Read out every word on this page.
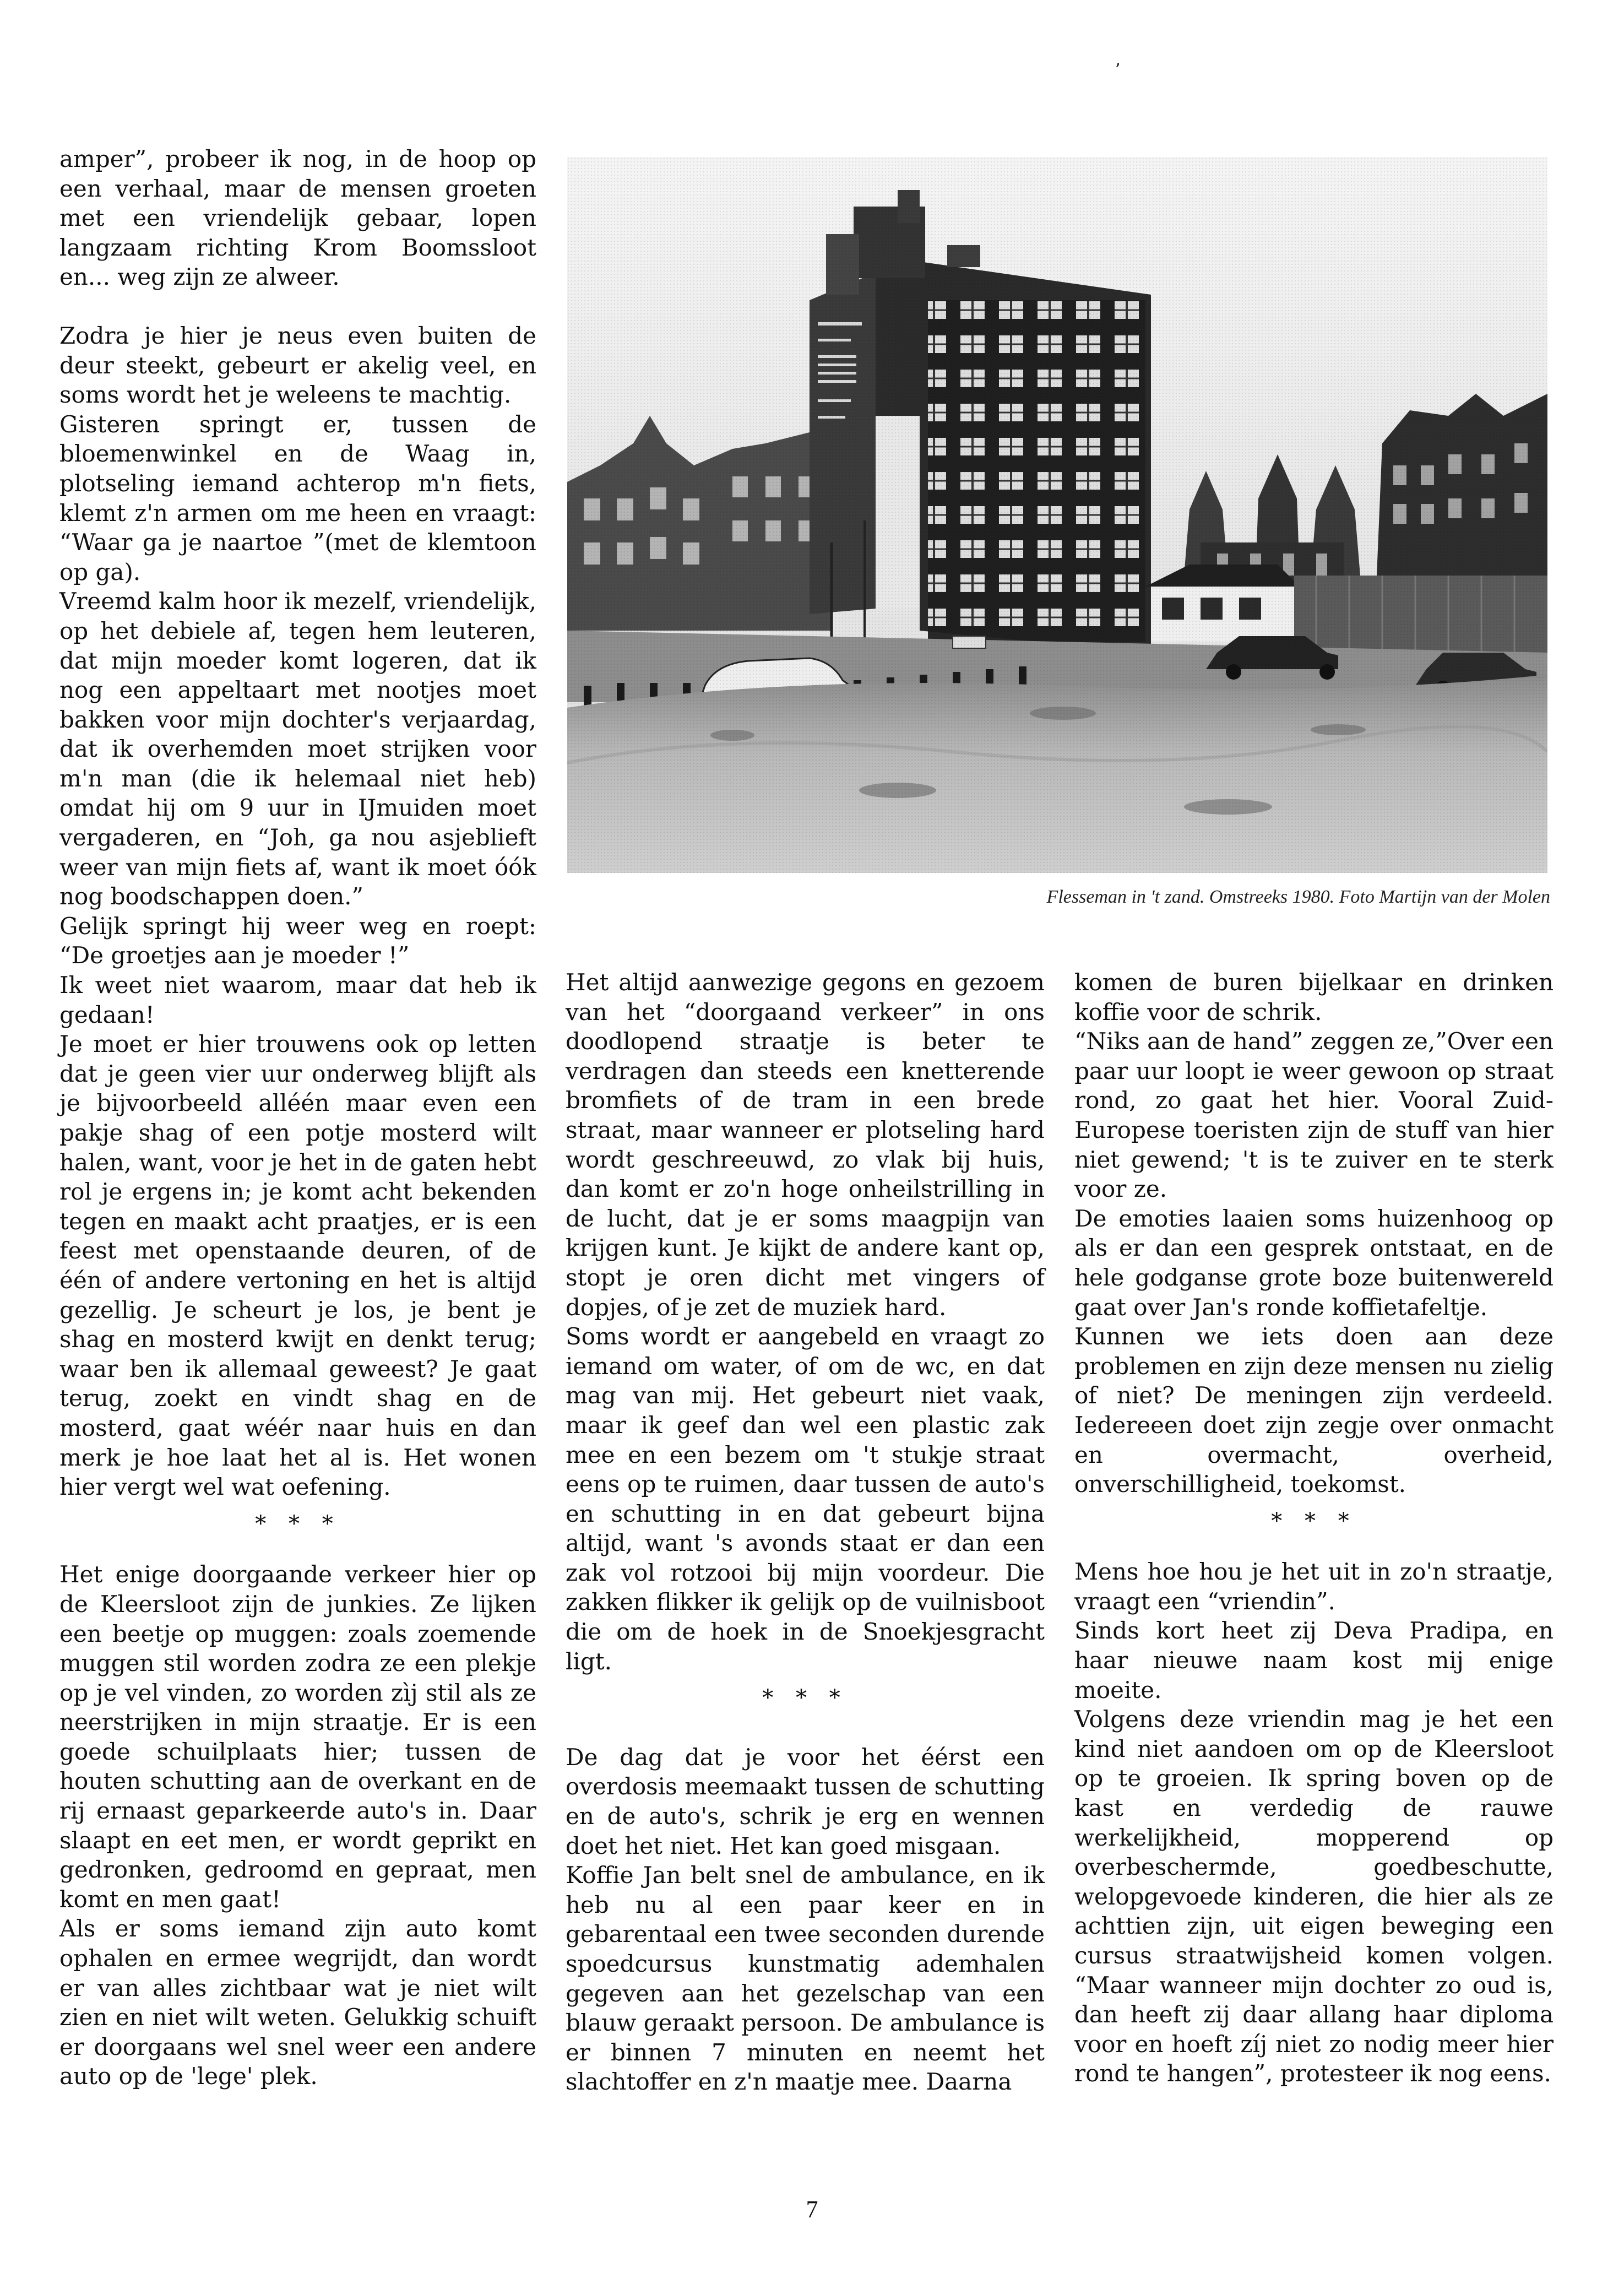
ʼ

amper”, probeer ik nog, in de hoop op een verhaal, maar de mensen groeten met een vriendelijk gebaar, lopen langzaam richting Krom Boomssloot en... weg zijn ze alweer.

Zodra je hier je neus even buiten de deur steekt, gebeurt er akelig veel, en soms wordt het je weleens te machtig.

Gisteren springt er, tussen de bloemenwinkel en de Waag in, plotseling iemand achterop m'n fiets, klemt z'n armen om me heen en vraagt: “Waar ga je naartoe ”(met de klemtoon op ga).

Vreemd kalm hoor ik mezelf, vriendelijk, op het debiele af, tegen hem leuteren, dat mijn moeder komt logeren, dat ik nog een appeltaart met nootjes moet bakken voor mijn dochter's verjaardag, dat ik overhemden moet strijken voor m'n man (die ik helemaal niet heb) omdat hij om 9 uur in IJmuiden moet vergaderen, en “Joh, ga nou asjeblieft weer van mijn fiets af, want ik moet óók nog boodschappen doen.”

Gelijk springt hij weer weg en roept: “De groetjes aan je moeder !”

Ik weet niet waarom, maar dat heb ik gedaan!

Je moet er hier trouwens ook op letten dat je geen vier uur onderweg blijft als je bijvoorbeeld alléén maar even een pakje shag of een potje mosterd wilt halen, want, voor je het in de gaten hebt rol je ergens in; je komt acht bekenden tegen en maakt acht praatjes, er is een feest met openstaande deuren, of de één of andere vertoning en het is altijd gezellig. Je scheurt je los, je bent je shag en mosterd kwijt en denkt terug; waar ben ik allemaal geweest? Je gaat terug, zoekt en vindt shag en de mosterd, gaat wéér naar huis en dan merk je hoe laat het al is. Het wonen hier vergt wel wat oefening.

* * *

Het enige doorgaande verkeer hier op de Kleersloot zijn de junkies. Ze lijken een beetje op muggen: zoals zoemende muggen stil worden zodra ze een plekje op je vel vinden, zo worden zìj stil als ze neerstrijken in mijn straatje. Er is een goede schuilplaats hier; tussen de houten schutting aan de overkant en de rij ernaast geparkeerde auto's in. Daar slaapt en eet men, er wordt geprikt en gedronken, gedroomd en gepraat, men komt en men gaat!

Als er soms iemand zijn auto komt ophalen en ermee wegrijdt, dan wordt er van alles zichtbaar wat je niet wilt zien en niet wilt weten. Gelukkig schuift er doorgaans wel snel weer een andere auto op de 'lege' plek.

Flesseman in 't zand. Omstreeks 1980. Foto Martijn van der Molen

Het altijd aanwezige gegons en gezoem van het “doorgaand verkeer” in ons doodlopend straatje is beter te verdragen dan steeds een knetterende bromfiets of de tram in een brede straat, maar wanneer er plotseling hard wordt geschreeuwd, zo vlak bij huis, dan komt er zo'n hoge onheilstrilling in de lucht, dat je er soms maagpijn van krijgen kunt. Je kijkt de andere kant op, stopt je oren dicht met vingers of dopjes, of je zet de muziek hard.

Soms wordt er aangebeld en vraagt zo iemand om water, of om de wc, en dat mag van mij. Het gebeurt niet vaak, maar ik geef dan wel een plastic zak mee en een bezem om 't stukje straat eens op te ruimen, daar tussen de auto's en schutting in en dat gebeurt bijna altijd, want 's avonds staat er dan een zak vol rotzooi bij mijn voordeur. Die zakken flikker ik gelijk op de vuilnisboot die om de hoek in de Snoekjesgracht ligt.

* * *

De dag dat je voor het éérst een overdosis meemaakt tussen de schutting en de auto's, schrik je erg en wennen doet het niet. Het kan goed misgaan.

Koffie Jan belt snel de ambulance, en ik heb nu al een paar keer en in gebarentaal een twee seconden durende spoedcursus kunstmatig ademhalen gegeven aan het gezelschap van een blauw geraakt persoon. De ambulance is er binnen 7 minuten en neemt het slachtoffer en z'n maatje mee. Daarna

komen de buren bijelkaar en drinken koffie voor de schrik.

“Niks aan de hand” zeggen ze,”Over een paar uur loopt ie weer gewoon op straat rond, zo gaat het hier. Vooral Zuid-Europese toeristen zijn de stuff van hier niet gewend; 't is te zuiver en te sterk voor ze.

De emoties laaien soms huizenhoog op als er dan een gesprek ontstaat, en de hele godganse grote boze buitenwereld gaat over Jan's ronde koffietafeltje.

Kunnen we iets doen aan deze problemen en zijn deze mensen nu zielig of niet? De meningen zijn verdeeld. Iedereeen doet zijn zegje over onmacht en overmacht, overheid, onverschilligheid, toekomst.

* * *

Mens hoe hou je het uit in zo'n straatje, vraagt een “vriendin”.

Sinds kort heet zij Deva Pradipa, en haar nieuwe naam kost mij enige moeite.

Volgens deze vriendin mag je het een kind niet aandoen om op de Kleersloot op te groeien. Ik spring boven op de kast en verdedig de rauwe werkelijkheid, mopperend op overbeschermde, goedbeschutte, welopgevoede kinderen, die hier als ze achttien zijn, uit eigen beweging een cursus straatwijsheid komen volgen. “Maar wanneer mijn dochter zo oud is, dan heeft zij daar allang haar diploma voor en hoeft zíj niet zo nodig meer hier rond te hangen”, protesteer ik nog eens.

7
